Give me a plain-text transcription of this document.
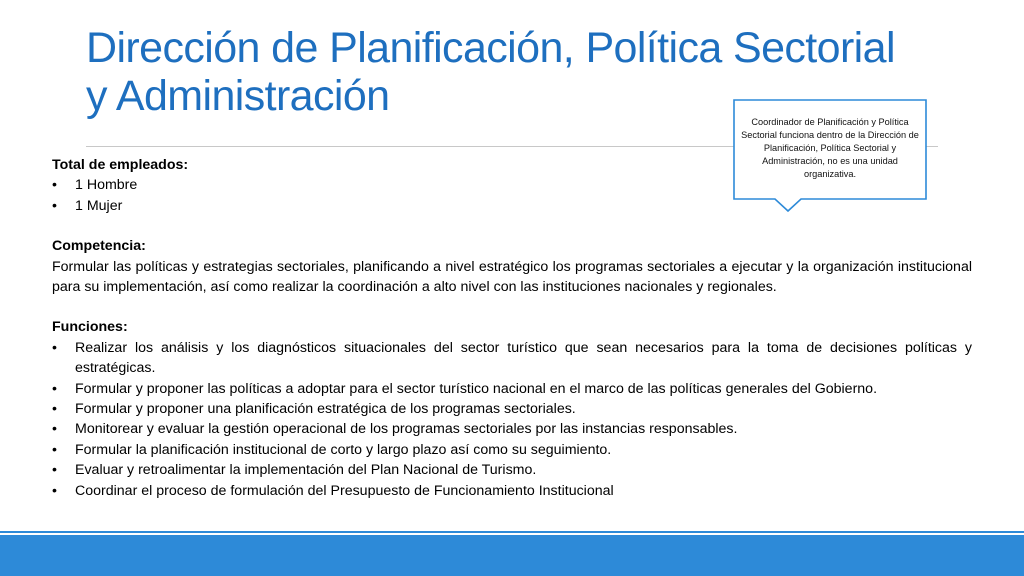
Dirección de Planificación, Política Sectorial
y Administración

Coordinador de Planificación y Política Sectorial funciona dentro de la Dirección de Planificación, Política Sectorial y Administración, no es una unidad organizativa.

Total de empleados:

• 1 Hombre
• 1 Mujer

Competencia:

Formular las políticas y estrategias sectoriales, planificando a nivel estratégico los programas sectoriales a ejecutar y la organización institucional para su implementación, así como realizar la coordinación a alto nivel con las instituciones nacionales y regionales.

Funciones:

• Realizar los análisis y los diagnósticos situacionales del sector turístico que sean necesarios para la toma de decisiones políticas y estratégicas.
• Formular y proponer las políticas a adoptar para el sector turístico nacional en el marco de las políticas generales del Gobierno.
• Formular y proponer una planificación estratégica de los programas sectoriales.
• Monitorear y evaluar la gestión operacional de los programas sectoriales por las instancias responsables.
• Formular la planificación institucional de corto y largo plazo así como su seguimiento.
• Evaluar y retroalimentar la implementación del Plan Nacional de Turismo.
• Coordinar el proceso de formulación del Presupuesto de Funcionamiento Institucional
